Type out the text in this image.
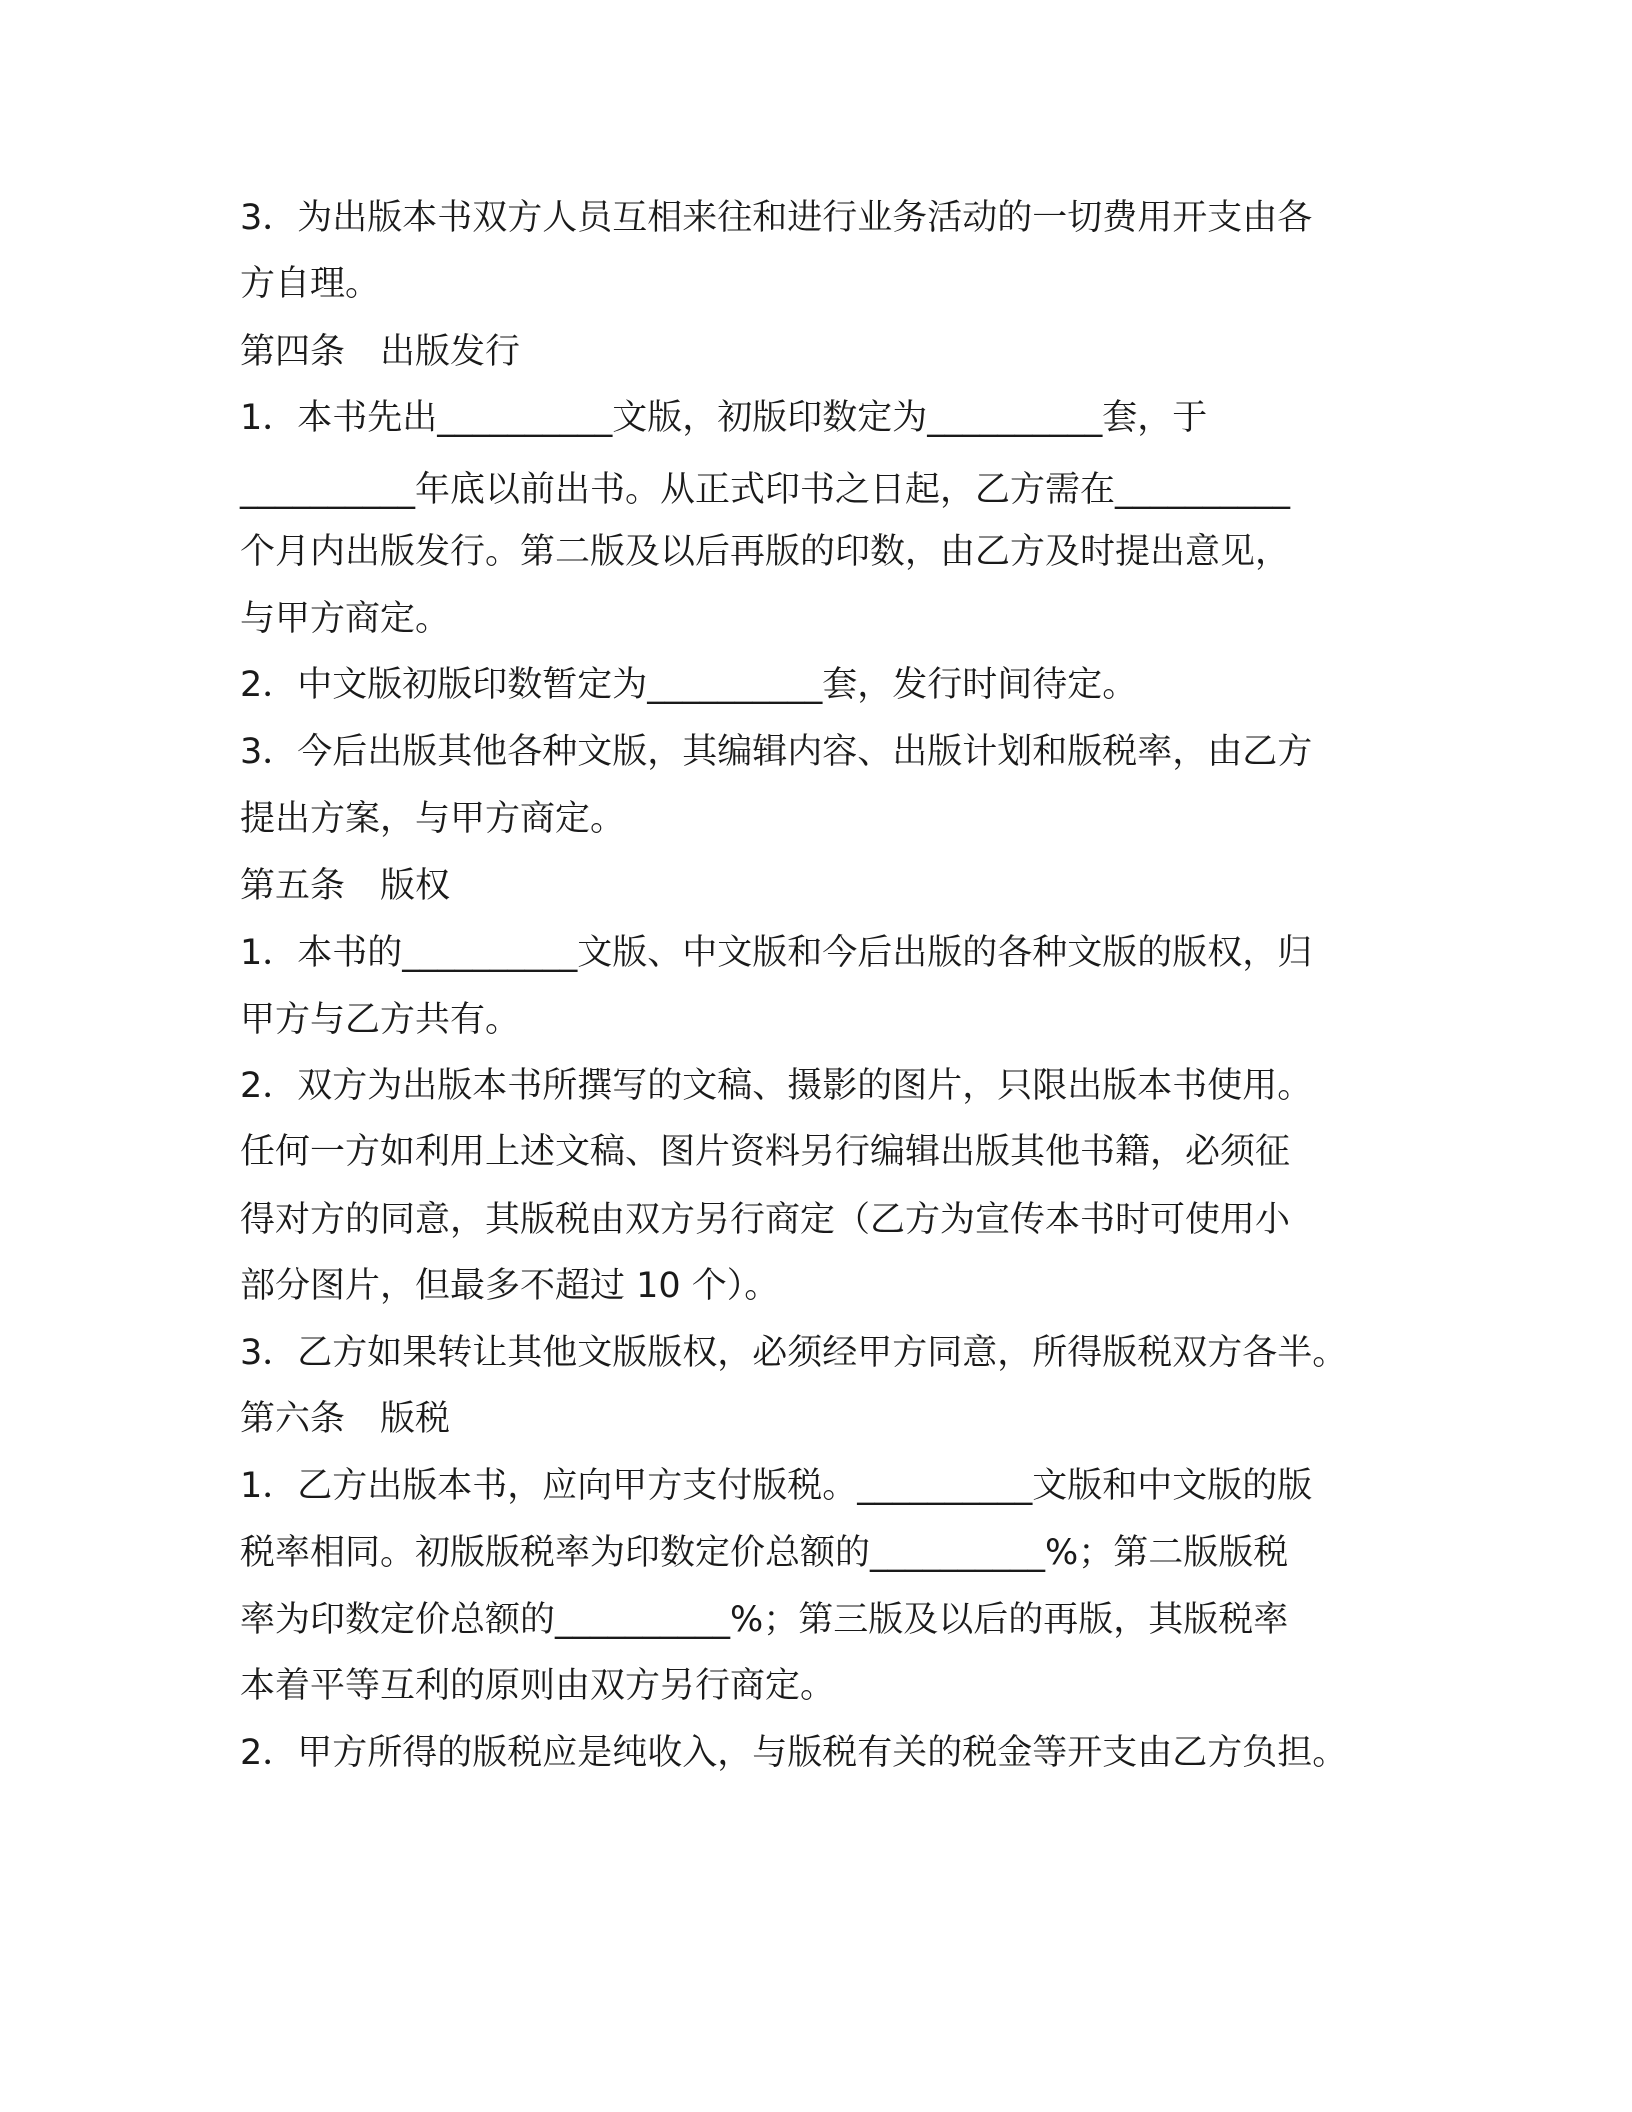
3．为出版本书双方人员互相来往和进行业务活动的一切费用开支由各
方自理。
第四条　出版发行
1．本书先出__________文版，初版印数定为__________套，于
__________年底以前出书。从正式印书之日起，乙方需在__________
个月内出版发行。第二版及以后再版的印数，由乙方及时提出意见，
与甲方商定。
2．中文版初版印数暂定为__________套，发行时间待定。
3．今后出版其他各种文版，其编辑内容、出版计划和版税率，由乙方
提出方案，与甲方商定。
第五条　版权
1．本书的__________文版、中文版和今后出版的各种文版的版权，归
甲方与乙方共有。
2．双方为出版本书所撰写的文稿、摄影的图片，只限出版本书使用。
任何一方如利用上述文稿、图片资料另行编辑出版其他书籍，必须征
得对方的同意，其版税由双方另行商定（乙方为宣传本书时可使用小
部分图片，但最多不超过 10 个）。
3．乙方如果转让其他文版版权，必须经甲方同意，所得版税双方各半。
第六条　版税
1．乙方出版本书，应向甲方支付版税。__________文版和中文版的版
税率相同。初版版税率为印数定价总额的__________%；第二版版税
率为印数定价总额的__________%；第三版及以后的再版，其版税率
本着平等互利的原则由双方另行商定。
2．甲方所得的版税应是纯收入，与版税有关的税金等开支由乙方负担。
